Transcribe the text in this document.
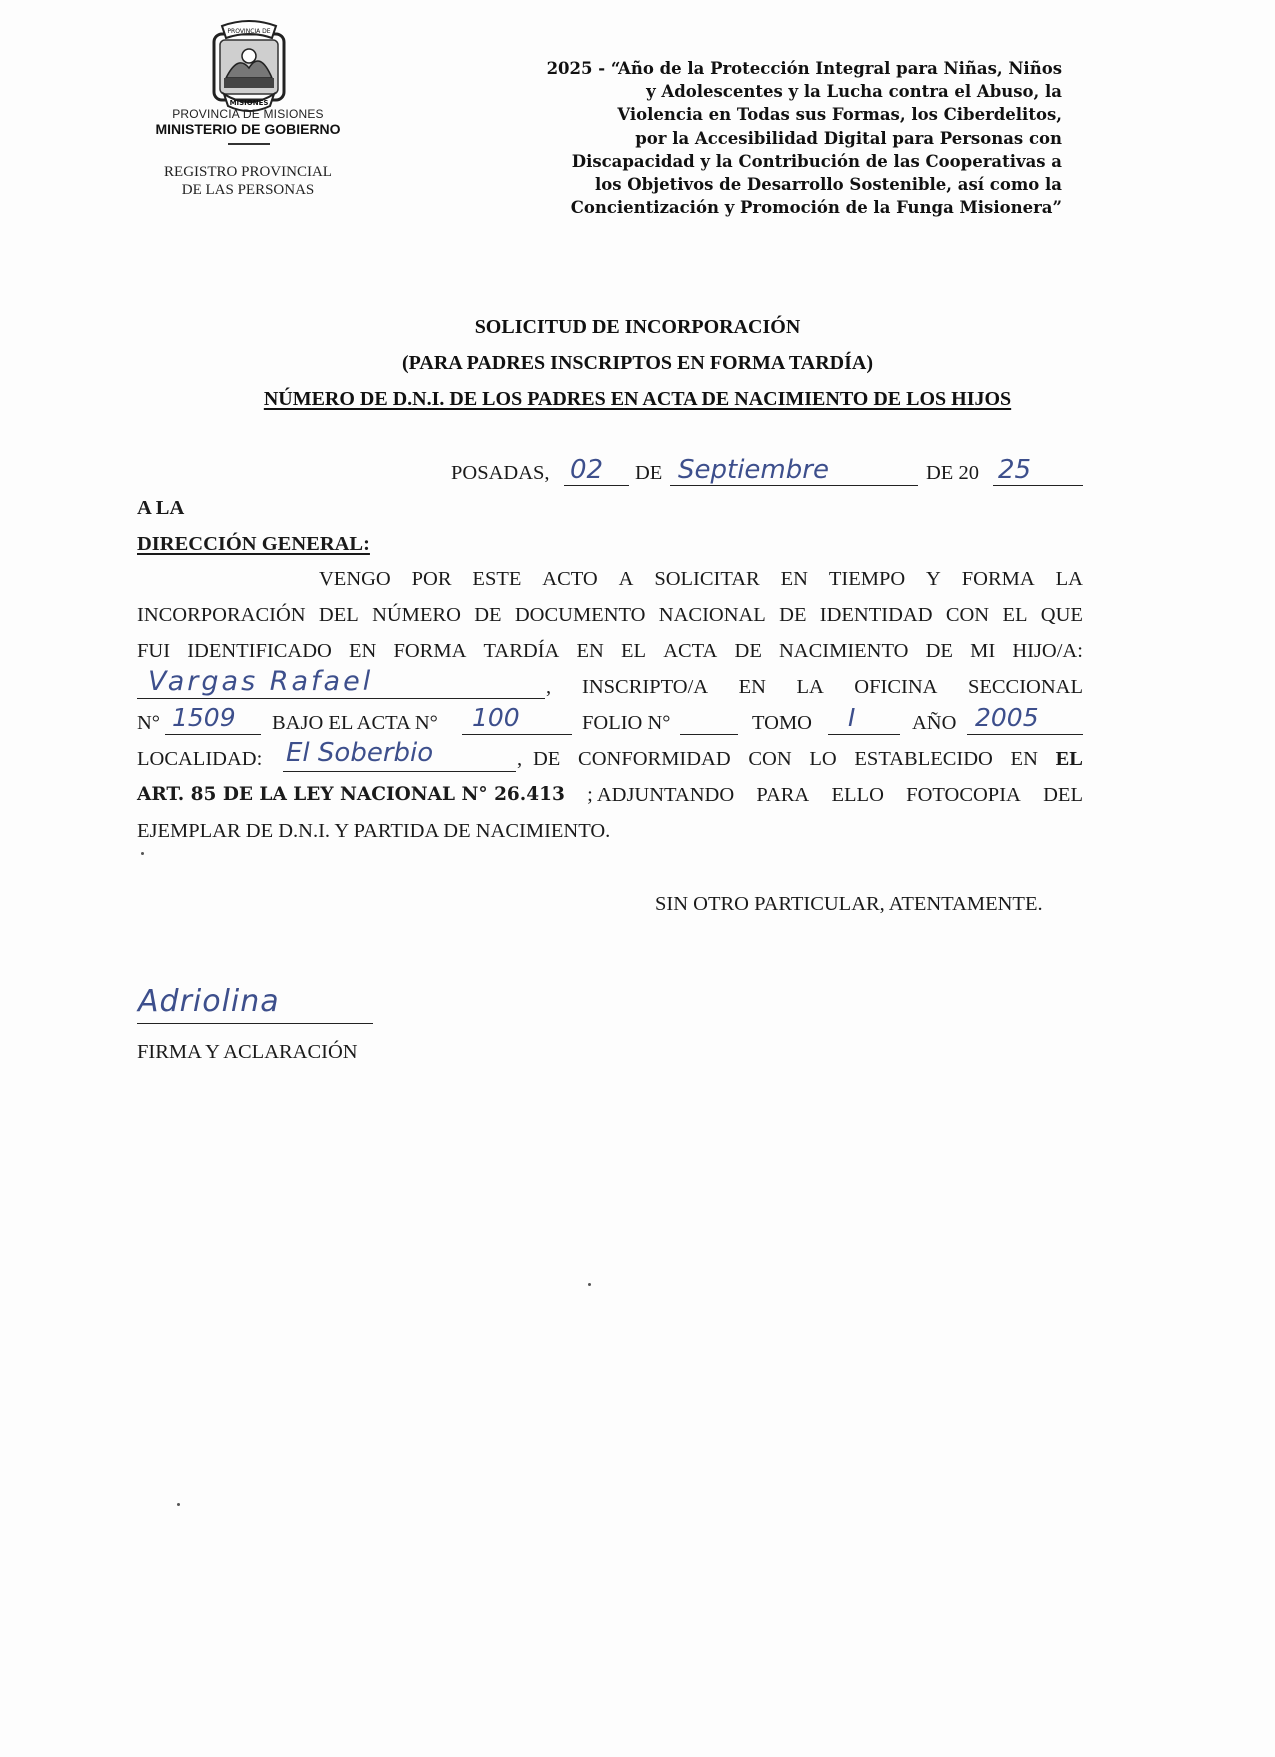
PROVINCIA DE
MISIONES
PROVINCIA DE MISIONES
MINISTERIO DE GOBIERNO
REGISTRO PROVINCIAL
DE LAS PERSONAS
2025 - “Año de la Protección Integral para Niñas, Niños
y Adolescentes y la Lucha contra el Abuso, la
Violencia en Todas sus Formas, los Ciberdelitos,
por la Accesibilidad Digital para Personas con
Discapacidad y la Contribución de las Cooperativas a
los Objetivos de Desarrollo Sostenible, así como la
Concientización y Promoción de la Funga Misionera”
SOLICITUD DE INCORPORACIÓN
(PARA PADRES INSCRIPTOS EN FORMA TARDÍA)
NÚMERO DE D.N.I. DE LOS PADRES EN ACTA DE NACIMIENTO DE LOS HIJOS
POSADAS, 02 DE Septiembre	DE 20 25
A LA
DIRECCIÓN GENERAL:
VENGO POR ESTE ACTO A SOLICITAR EN TIEMPO Y FORMA LA
INCORPORACIÓN DEL NÚMERO DE DOCUMENTO NACIONAL DE IDENTIDAD CON EL QUE
FUI IDENTIFICADO EN FORMA TARDÍA EN EL ACTA DE NACIMIENTO DE MI HIJO/A:
Vargas Rafael	, INSCRIPTO/A EN LA OFICINA SECCIONAL
N° 1509 BAJO EL ACTA N° 100	FOLIO N°	TOMO I	AÑO 2005
LOCALIDAD: El Soberbio	, DE CONFORMIDAD CON LO ESTABLECIDO EN EL
ART. 85 DE LA LEY NACIONAL N° 26.413 ; ADJUNTANDO PARA ELLO FOTOCOPIA DEL
EJEMPLAR DE D.N.I. Y PARTIDA DE NACIMIENTO.
SIN OTRO PARTICULAR, ATENTAMENTE.
Adriolina
FIRMA Y ACLARACIÓN
